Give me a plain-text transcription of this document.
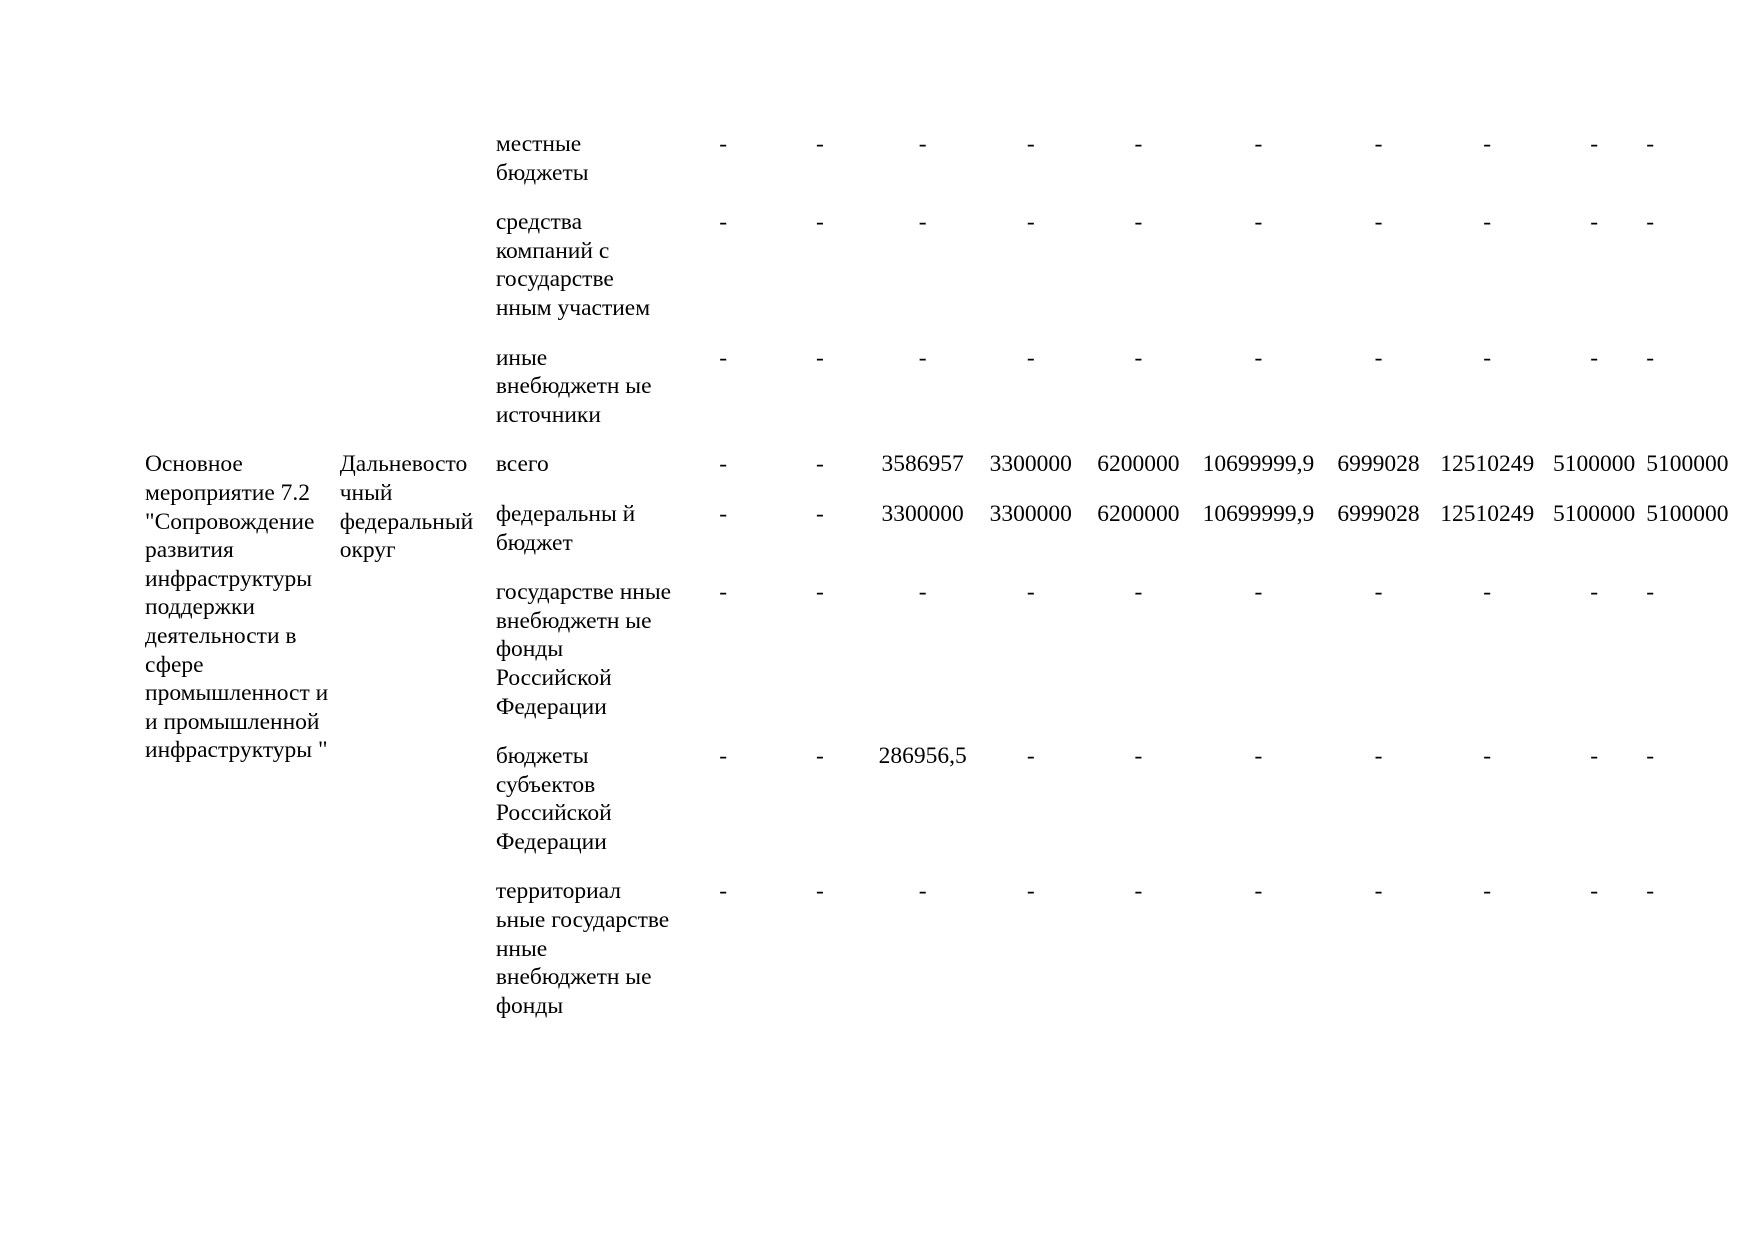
		местные бюджеты	-	-	-	-	-	-	-	-	-	-
		средства компаний с государстве нным участием	-	-	-	-	-	-	-	-	-	-
		иные внебюджетн ые источники	-	-	-	-	-	-	-	-	-	-
Основное мероприятие 7.2 "Сопровождение развития инфраструктуры поддержки деятельности в сфере промышленност и и промышленной инфраструктуры "	Дальневосто чный федеральный округ	всего	-	-	3586957	3300000	6200000	10699999,9	6999028	12510249	5100000	5100000
		федеральны й бюджет	-	-	3300000	3300000	6200000	10699999,9	6999028	12510249	5100000	5100000
		государстве нные внебюджетн ые фонды Российской Федерации	-	-	-	-	-	-	-	-	-	-
		бюджеты субъектов Российской Федерации	-	-	286956,5	-	-	-	-	-	-	-
		территориал ьные государстве нные внебюджетн ые фонды	-	-	-	-	-	-	-	-	-	-
